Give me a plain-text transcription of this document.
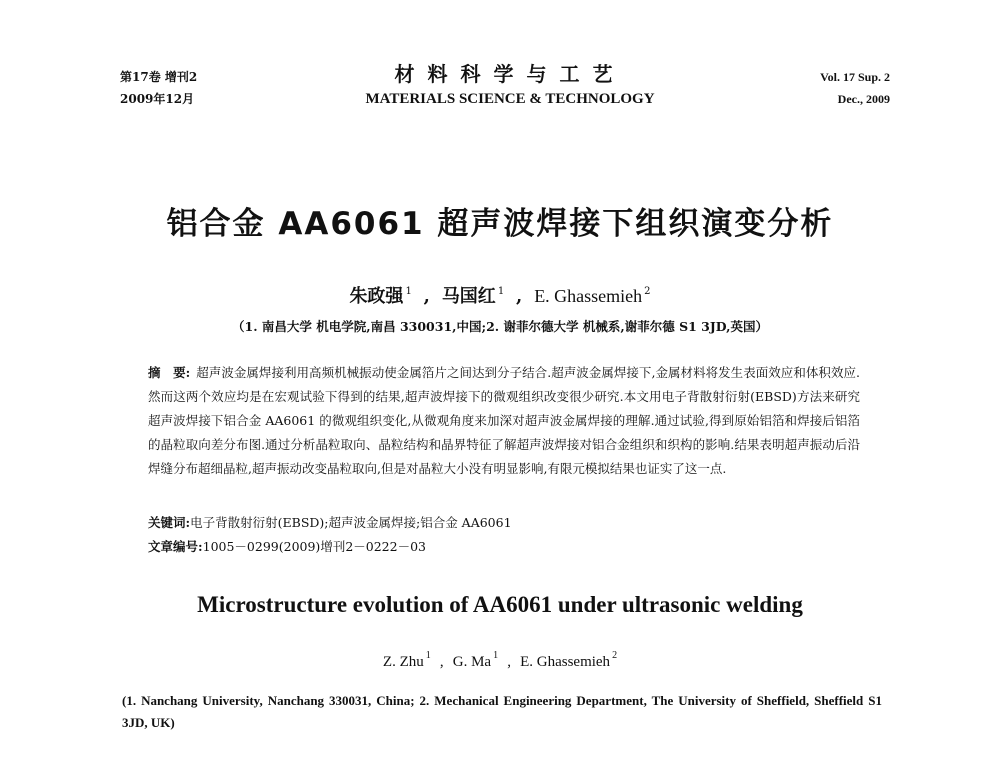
第17卷 增刊2
2009年12月
材料科学与工艺
MATERIALS SCIENCE & TECHNOLOGY
Vol. 17 Sup. 2
Dec., 2009
铝合金 AA6061 超声波焊接下组织演变分析
朱政强 $^1$ , 马国红 $^1$ , E. Ghassemieh $^2$
（1. 南昌大学 机电学院,南昌 330031,中国;2. 谢菲尔德大学 机械系,谢菲尔德 S1 3JD,英国）
摘　要: 超声波金属焊接利用高频机械振动使金属箔片之间达到分子结合.超声波金属焊接下,金属材料将发生表面效应和体积效应.然而这两个效应均是在宏观试验下得到的结果,超声波焊接下的微观组织改变很少研究.本文用电子背散射衍射(EBSD)方法来研究超声波焊接下铝合金 AA6061 的微观组织变化,从微观角度来加深对超声波金属焊接的理解.通过试验,得到原始铝箔和焊接后铝箔的晶粒取向差分布图.通过分析晶粒取向、晶粒结构和晶界特征了解超声波焊接对铝合金组织和织构的影响.结果表明超声振动后沿焊缝分布超细晶粒,超声振动改变晶粒取向,但是对晶粒大小没有明显影响,有限元模拟结果也证实了这一点.
关键词:电子背散射衍射(EBSD);超声波金属焊接;铝合金 AA6061
文章编号:1005－0299(2009)增刊2－0222－03
Microstructure evolution of AA6061 under ultrasonic welding
Z. Zhu $^1$ , G. Ma $^1$ , E. Ghassemieh $^2$
(1. Nanchang University, Nanchang 330031, China; 2. Mechanical Engineering Department, The University of Sheffield, Sheffield S1 3JD, UK)
